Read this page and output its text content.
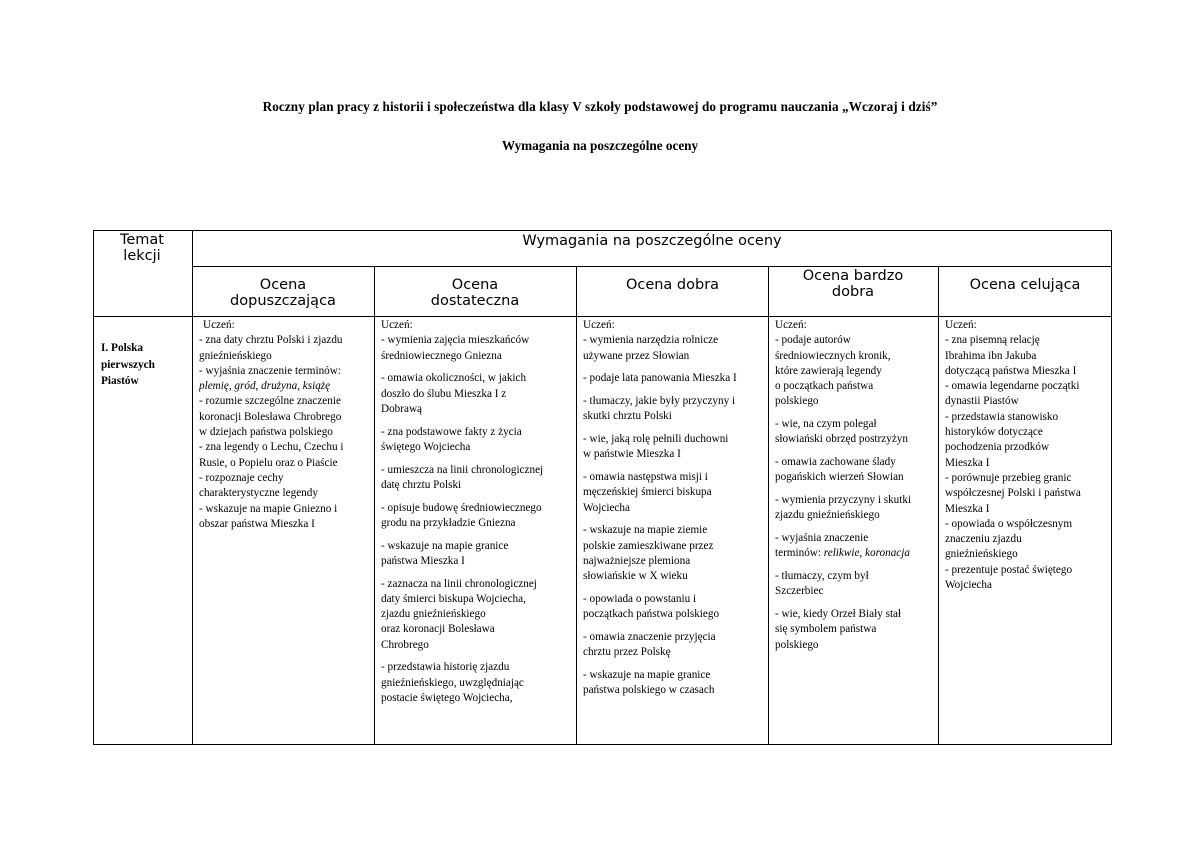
Roczny plan pracy z historii i społeczeństwa dla klasy V szkoły podstawowej do programu nauczania „Wczoraj i dziś”
Wymagania na poszczególne oceny
Temat lekcji
Wymagania na poszczególne oceny
Ocena dopuszczająca
Ocena dostateczna
Ocena dobra
Ocena bardzo dobra	Ocena celująca
I. Polska pierwszych Piastów
Uczeń:
- zna daty chrztu Polski i zjazdu
gnieźnieńskiego
- wyjaśnia znaczenie terminów:
plemię, gród, drużyna, książę
- rozumie szczególne znaczenie
koronacji Bolesława Chrobrego
w dziejach państwa polskiego
- zna legendy o Lechu, Czechu i
Rusie, o Popielu oraz o Piaście
- rozpoznaje cechy
charakterystyczne legendy
- wskazuje na mapie Gniezno i
obszar państwa Mieszka I
Uczeń:
- wymienia zajęcia mieszkańców
średniowiecznego Gniezna
- omawia okoliczności, w jakich
doszło do ślubu Mieszka I z
Dobrawą
- zna podstawowe fakty z życia
świętego Wojciecha
- umieszcza na linii chronologicznej
datę chrztu Polski
- opisuje budowę średniowiecznego
grodu na przykładzie Gniezna
- wskazuje na mapie granice
państwa Mieszka I
- zaznacza na linii chronologicznej
daty śmierci biskupa Wojciecha,
zjazdu gnieźnieńskiego
oraz koronacji Bolesława
Chrobrego
- przedstawia historię zjazdu
gnieźnieńskiego, uwzględniając
postacie świętego Wojciecha,
Uczeń:
- wymienia narzędzia rolnicze
używane przez Słowian
- podaje lata panowania Mieszka I
- tłumaczy, jakie były przyczyny i
skutki chrztu Polski
- wie, jaką rolę pełnili duchowni
w państwie Mieszka I
- omawia następstwa misji i
męczeńskiej śmierci biskupa
Wojciecha
- wskazuje na mapie ziemie
polskie zamieszkiwane przez
najważniejsze plemiona
słowiańskie w X wieku
- opowiada o powstaniu i
początkach państwa polskiego
- omawia znaczenie przyjęcia
chrztu przez Polskę
- wskazuje na mapie granice
państwa polskiego w czasach
Uczeń:
- podaje autorów
średniowiecznych kronik,
które zawierają legendy
o początkach państwa
polskiego
- wie, na czym polegał
słowiański obrzęd postrzyżyn
- omawia zachowane ślady
pogańskich wierzeń Słowian
- wymienia przyczyny i skutki
zjazdu gnieźnieńskiego
- wyjaśnia znaczenie
terminów: relikwie, koronacja
- tłumaczy, czym był
Szczerbiec
- wie, kiedy Orzeł Biały stał
się symbolem państwa
polskiego
Uczeń:
- zna pisemną relację
Ibrahima ibn Jakuba
dotyczącą państwa Mieszka I
- omawia legendarne początki
dynastii Piastów
- przedstawia stanowisko
historyków dotyczące
pochodzenia przodków
Mieszka I
- porównuje przebieg granic
współczesnej Polski i państwa
Mieszka I
- opowiada o współczesnym
znaczeniu zjazdu
gnieźnieńskiego
- prezentuje postać świętego
Wojciecha
